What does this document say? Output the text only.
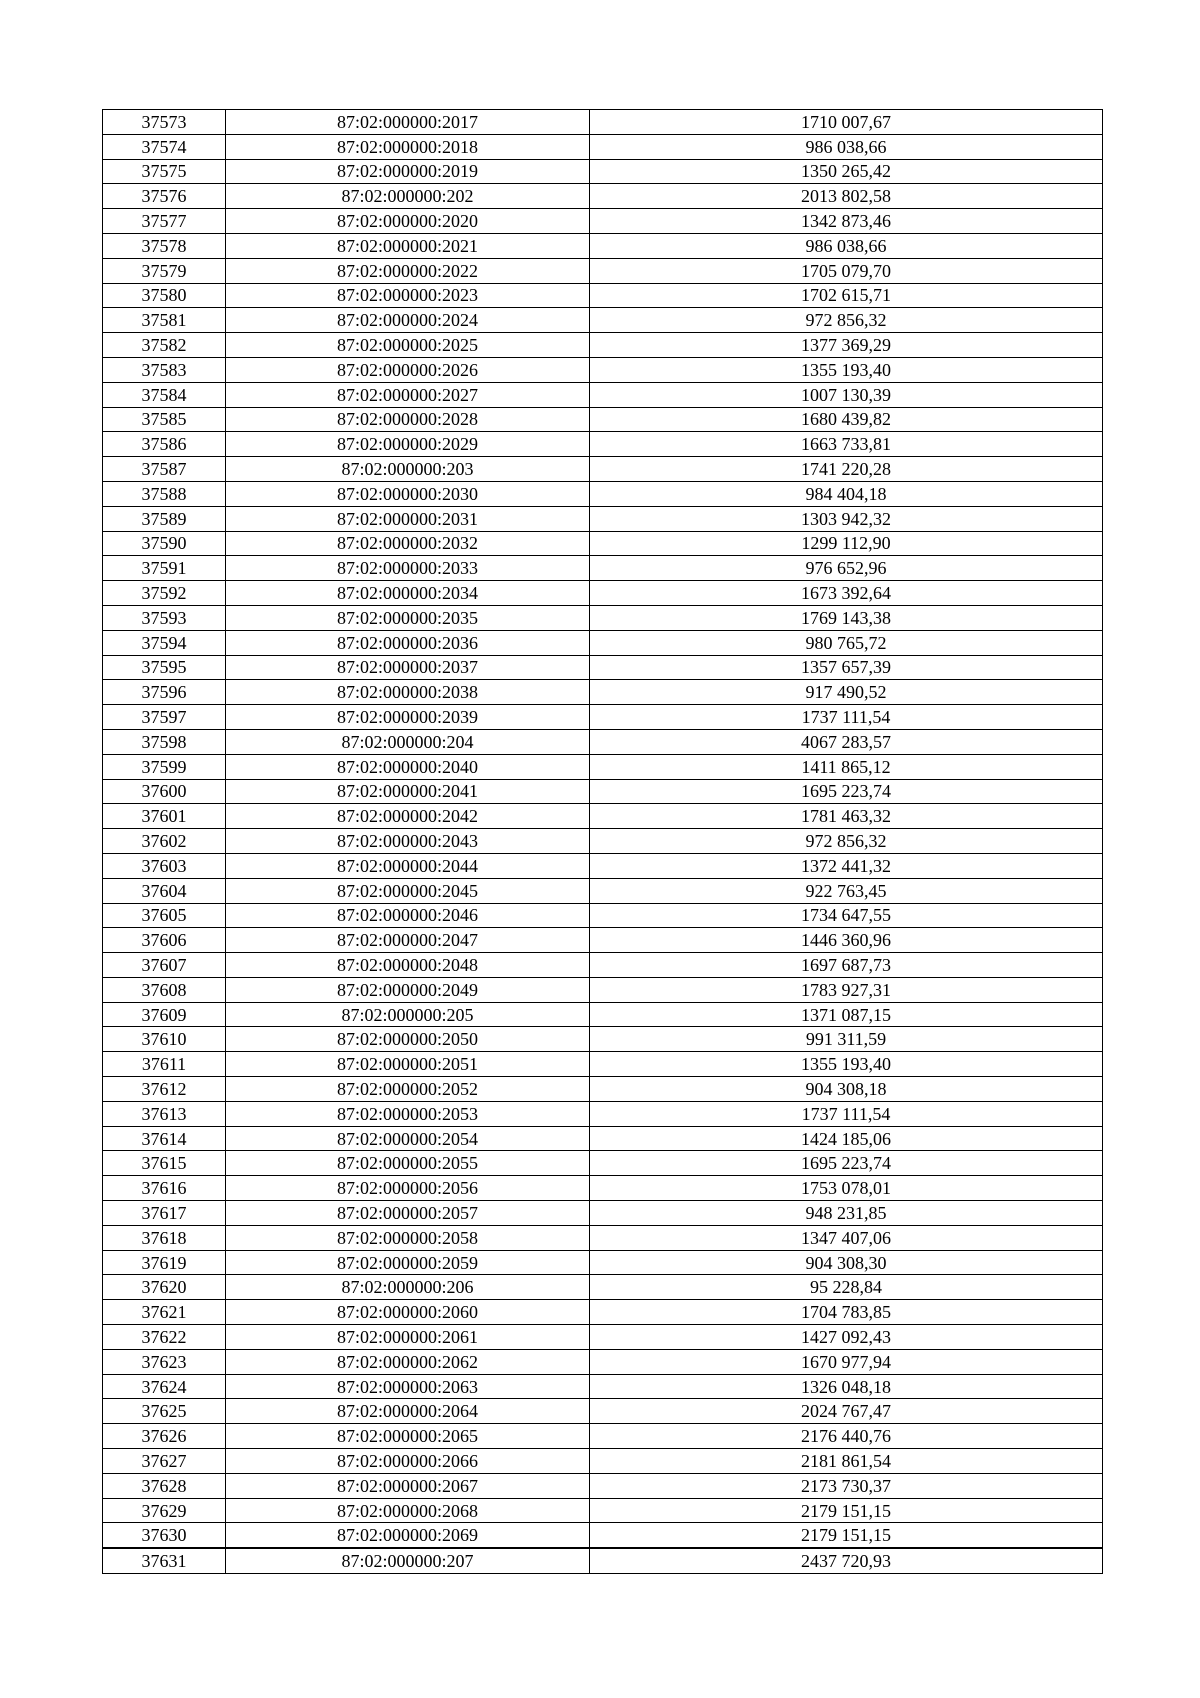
37573	87:02:000000:2017	1710 007,67
37574	87:02:000000:2018	986 038,66
37575	87:02:000000:2019	1350 265,42
37576	87:02:000000:202	2013 802,58
37577	87:02:000000:2020	1342 873,46
37578	87:02:000000:2021	986 038,66
37579	87:02:000000:2022	1705 079,70
37580	87:02:000000:2023	1702 615,71
37581	87:02:000000:2024	972 856,32
37582	87:02:000000:2025	1377 369,29
37583	87:02:000000:2026	1355 193,40
37584	87:02:000000:2027	1007 130,39
37585	87:02:000000:2028	1680 439,82
37586	87:02:000000:2029	1663 733,81
37587	87:02:000000:203	1741 220,28
37588	87:02:000000:2030	984 404,18
37589	87:02:000000:2031	1303 942,32
37590	87:02:000000:2032	1299 112,90
37591	87:02:000000:2033	976 652,96
37592	87:02:000000:2034	1673 392,64
37593	87:02:000000:2035	1769 143,38
37594	87:02:000000:2036	980 765,72
37595	87:02:000000:2037	1357 657,39
37596	87:02:000000:2038	917 490,52
37597	87:02:000000:2039	1737 111,54
37598	87:02:000000:204	4067 283,57
37599	87:02:000000:2040	1411 865,12
37600	87:02:000000:2041	1695 223,74
37601	87:02:000000:2042	1781 463,32
37602	87:02:000000:2043	972 856,32
37603	87:02:000000:2044	1372 441,32
37604	87:02:000000:2045	922 763,45
37605	87:02:000000:2046	1734 647,55
37606	87:02:000000:2047	1446 360,96
37607	87:02:000000:2048	1697 687,73
37608	87:02:000000:2049	1783 927,31
37609	87:02:000000:205	1371 087,15
37610	87:02:000000:2050	991 311,59
37611	87:02:000000:2051	1355 193,40
37612	87:02:000000:2052	904 308,18
37613	87:02:000000:2053	1737 111,54
37614	87:02:000000:2054	1424 185,06
37615	87:02:000000:2055	1695 223,74
37616	87:02:000000:2056	1753 078,01
37617	87:02:000000:2057	948 231,85
37618	87:02:000000:2058	1347 407,06
37619	87:02:000000:2059	904 308,30
37620	87:02:000000:206	95 228,84
37621	87:02:000000:2060	1704 783,85
37622	87:02:000000:2061	1427 092,43
37623	87:02:000000:2062	1670 977,94
37624	87:02:000000:2063	1326 048,18
37625	87:02:000000:2064	2024 767,47
37626	87:02:000000:2065	2176 440,76
37627	87:02:000000:2066	2181 861,54
37628	87:02:000000:2067	2173 730,37
37629	87:02:000000:2068	2179 151,15
37630	87:02:000000:2069	2179 151,15
37631	87:02:000000:207	2437 720,93
